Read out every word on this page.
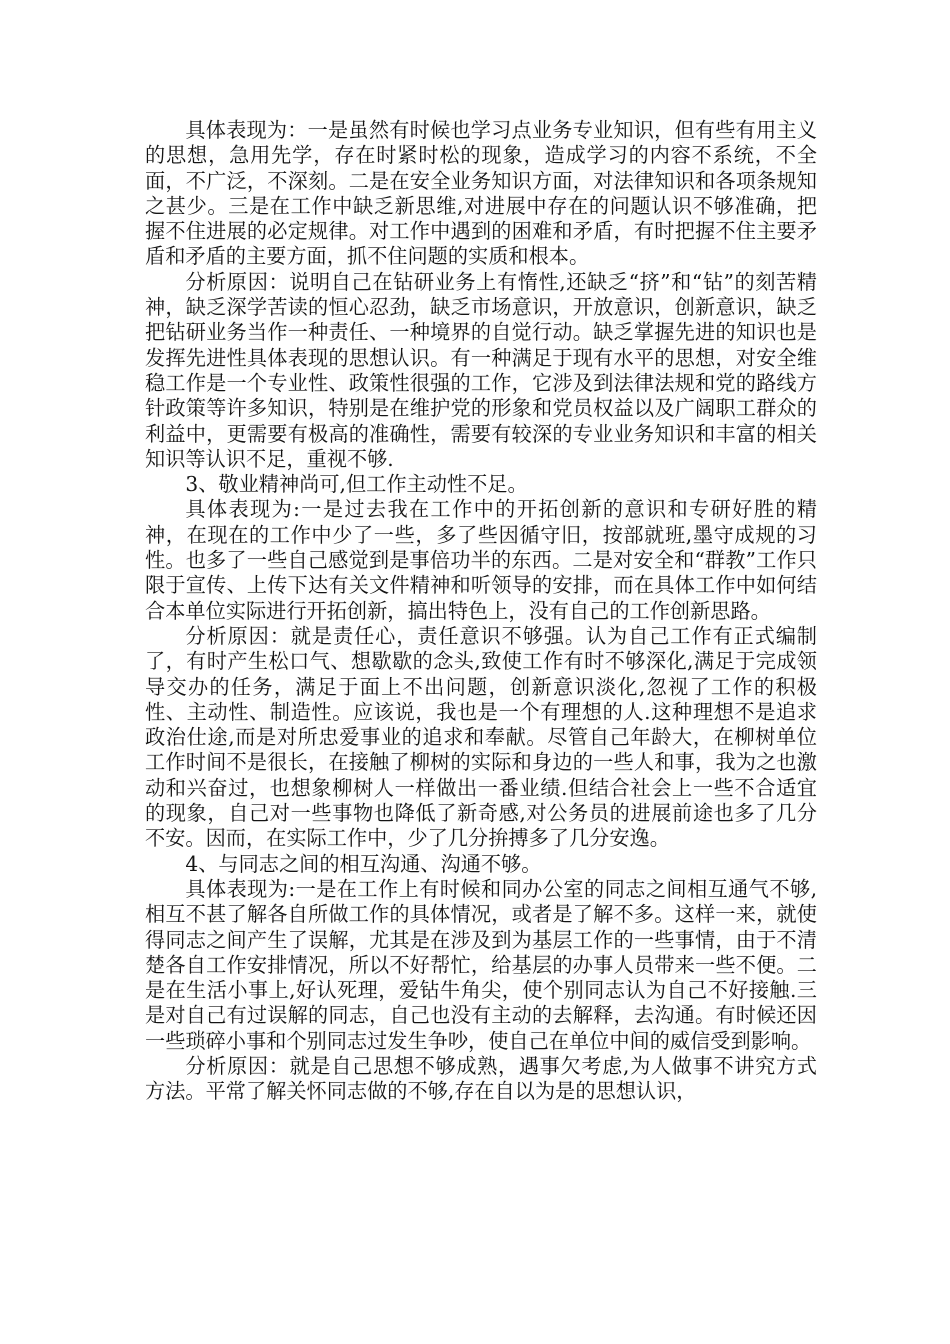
具体表现为：一是虽然有时候也学习点业务专业知识，但有些有用主义的思想，急用先学，存在时紧时松的现象，造成学习的内容不系统，不全面，不广泛，不深刻。二是在安全业务知识方面，对法律知识和各项条规知之甚少。三是在工作中缺乏新思维,对进展中存在的问题认识不够准确，把握不住进展的必定规律。对工作中遇到的困难和矛盾，有时把握不住主要矛盾和矛盾的主要方面，抓不住问题的实质和根本。

分析原因：说明自己在钻研业务上有惰性,还缺乏“挤”和“钻”的刻苦精神，缺乏深学苦读的恒心忍劲，缺乏市场意识，开放意识，创新意识，缺乏把钻研业务当作一种责任、一种境界的自觉行动。缺乏掌握先进的知识也是发挥先进性具体表现的思想认识。有一种满足于现有水平的思想，对安全维稳工作是一个专业性、政策性很强的工作，它涉及到法律法规和党的路线方针政策等许多知识，特别是在维护党的形象和党员权益以及广阔职工群众的利益中，更需要有极高的准确性，需要有较深的专业业务知识和丰富的相关知识等认识不足，重视不够.

3、敬业精神尚可,但工作主动性不足。

具体表现为:一是过去我在工作中的开拓创新的意识和专研好胜的精神，在现在的工作中少了一些，多了些因循守旧，按部就班,墨守成规的习性。也多了一些自己感觉到是事倍功半的东西。二是对安全和“群教”工作只限于宣传、上传下达有关文件精神和听领导的安排，而在具体工作中如何结合本单位实际进行开拓创新，搞出特色上，没有自己的工作创新思路。

分析原因：就是责任心，责任意识不够强。认为自己工作有正式编制了，有时产生松口气、想歇歇的念头,致使工作有时不够深化,满足于完成领导交办的任务，满足于面上不出问题，创新意识淡化,忽视了工作的积极性、主动性、制造性。应该说，我也是一个有理想的人.这种理想不是追求政治仕途,而是对所忠爱事业的追求和奉献。尽管自己年龄大，在柳树单位工作时间不是很长，在接触了柳树的实际和身边的一些人和事，我为之也激动和兴奋过，也想象柳树人一样做出一番业绩.但结合社会上一些不合适宜的现象，自己对一些事物也降低了新奇感,对公务员的进展前途也多了几分不安。因而，在实际工作中，少了几分拚搏多了几分安逸。

4、与同志之间的相互沟通、沟通不够。

具体表现为:一是在工作上有时候和同办公室的同志之间相互通气不够,相互不甚了解各自所做工作的具体情况，或者是了解不多。这样一来，就使得同志之间产生了误解，尤其是在涉及到为基层工作的一些事情，由于不清楚各自工作安排情况，所以不好帮忙，给基层的办事人员带来一些不便。二是在生活小事上,好认死理，爱钻牛角尖，使个别同志认为自己不好接触.三是对自己有过误解的同志，自己也没有主动的去解释，去沟通。有时候还因一些琐碎小事和个别同志过发生争吵，使自己在单位中间的威信受到影响。

分析原因：就是自己思想不够成熟，遇事欠考虑,为人做事不讲究方式方法。平常了解关怀同志做的不够,存在自以为是的思想认识，
